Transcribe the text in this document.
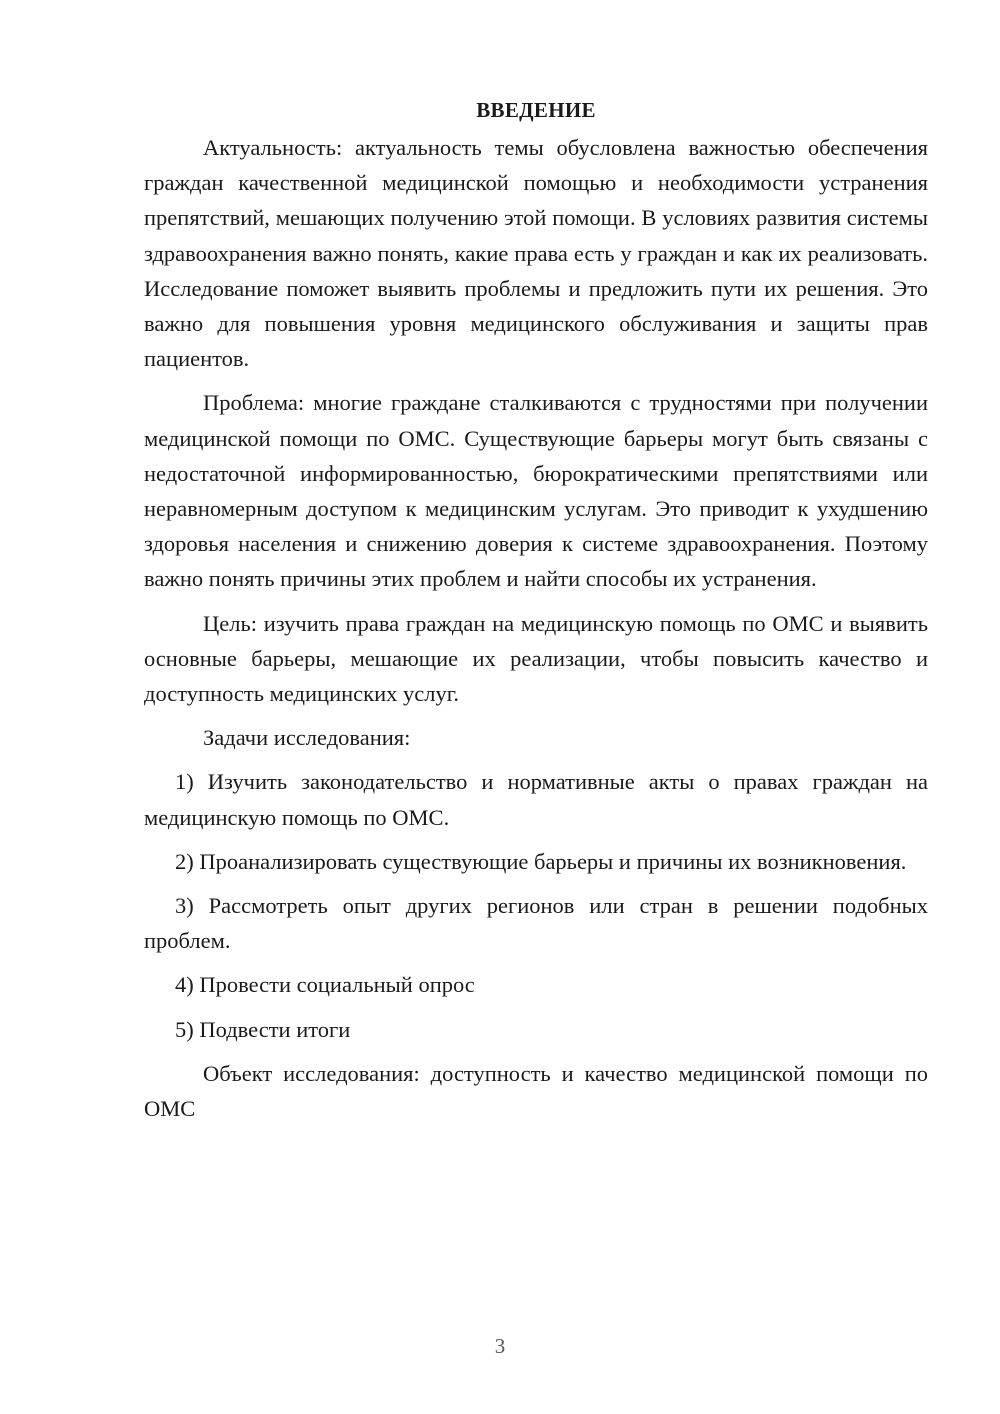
ВВЕДЕНИЕ

Актуальность: актуальность темы обусловлена важностью обеспечения граждан качественной медицинской помощью и необходимости устранения препятствий, мешающих получению этой помощи. В условиях развития системы здравоохранения важно понять, какие права есть у граждан и как их реализовать. Исследование поможет выявить проблемы и предложить пути их решения. Это важно для повышения уровня медицинского обслуживания и защиты прав пациентов.

Проблема: многие граждане сталкиваются с трудностями при получении медицинской помощи по ОМС. Существующие барьеры могут быть связаны с недостаточной информированностью, бюрократическими препятствиями или неравномерным доступом к медицинским услугам. Это приводит к ухудшению здоровья населения и снижению доверия к системе здравоохранения. Поэтому важно понять причины этих проблем и найти способы их устранения.

Цель: изучить права граждан на медицинскую помощь по ОМС и выявить основные барьеры, мешающие их реализации, чтобы повысить качество и доступность медицинских услуг.

Задачи исследования:

1) Изучить законодательство и нормативные акты о правах граждан на медицинскую помощь по ОМС.

2) Проанализировать существующие барьеры и причины их возникновения.

3) Рассмотреть опыт других регионов или стран в решении подобных проблем.

4) Провести социальный опрос

5) Подвести итоги

Объект исследования: доступность и качество медицинской помощи по ОМС

3
